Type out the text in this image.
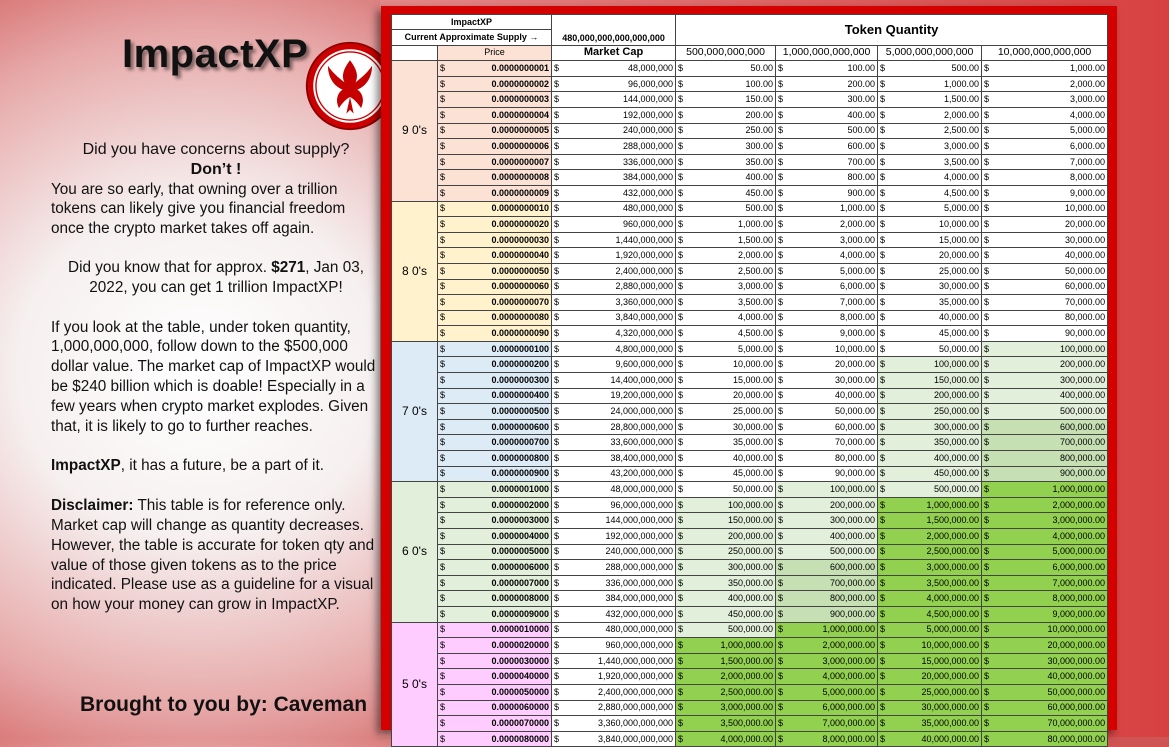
ImpactXP

Did you have concerns about supply?

Don’t !

You are so early, that owning over a trillion tokens can likely give you financial freedom once the crypto market takes off again.

Did you know that for approx. $271, Jan 03, 2022, you can get 1 trillion ImpactXP!

If you look at the table, under token quantity, 1,000,000,000, follow down to the $500,000 dollar value. The market cap of ImpactXP would be $240 billion which is doable! Especially in a few years when crypto market explodes. Given that, it is likely to go to further reaches.

ImpactXP, it has a future, be a part of it.

Disclaimer: This table is for reference only. Market cap will change as quantity decreases. However, the table is accurate for token qty and value of those given tokens as to the price indicated. Please use as a guideline for a visual on how your money can grow in ImpactXP.

Brought to you by: Caveman
ImpactXP			480,000,000,000,000,000		Token Quantity							
Current Approximate Supply →												
	Price		Market Cap		500,000,000,000		1,000,000,000,000		5,000,000,000,000		10,000,000,000,000	
9 0's	$	0.0000000001	$	48,000,000	$	50.00	$	100.00	$	500.00	$	1,000.00
	$	0.0000000002	$	96,000,000	$	100.00	$	200.00	$	1,000.00	$	2,000.00
	$	0.0000000003	$	144,000,000	$	150.00	$	300.00	$	1,500.00	$	3,000.00
	$	0.0000000004	$	192,000,000	$	200.00	$	400.00	$	2,000.00	$	4,000.00
	$	0.0000000005	$	240,000,000	$	250.00	$	500.00	$	2,500.00	$	5,000.00
	$	0.0000000006	$	288,000,000	$	300.00	$	600.00	$	3,000.00	$	6,000.00
	$	0.0000000007	$	336,000,000	$	350.00	$	700.00	$	3,500.00	$	7,000.00
	$	0.0000000008	$	384,000,000	$	400.00	$	800.00	$	4,000.00	$	8,000.00
	$	0.0000000009	$	432,000,000	$	450.00	$	900.00	$	4,500.00	$	9,000.00
8 0's	$	0.0000000010	$	480,000,000	$	500.00	$	1,000.00	$	5,000.00	$	10,000.00
	$	0.0000000020	$	960,000,000	$	1,000.00	$	2,000.00	$	10,000.00	$	20,000.00
	$	0.0000000030	$	1,440,000,000	$	1,500.00	$	3,000.00	$	15,000.00	$	30,000.00
	$	0.0000000040	$	1,920,000,000	$	2,000.00	$	4,000.00	$	20,000.00	$	40,000.00
	$	0.0000000050	$	2,400,000,000	$	2,500.00	$	5,000.00	$	25,000.00	$	50,000.00
	$	0.0000000060	$	2,880,000,000	$	3,000.00	$	6,000.00	$	30,000.00	$	60,000.00
	$	0.0000000070	$	3,360,000,000	$	3,500.00	$	7,000.00	$	35,000.00	$	70,000.00
	$	0.0000000080	$	3,840,000,000	$	4,000.00	$	8,000.00	$	40,000.00	$	80,000.00
	$	0.0000000090	$	4,320,000,000	$	4,500.00	$	9,000.00	$	45,000.00	$	90,000.00
7 0's	$	0.0000000100	$	4,800,000,000	$	5,000.00	$	10,000.00	$	50,000.00	$	100,000.00
	$	0.0000000200	$	9,600,000,000	$	10,000.00	$	20,000.00	$	100,000.00	$	200,000.00
	$	0.0000000300	$	14,400,000,000	$	15,000.00	$	30,000.00	$	150,000.00	$	300,000.00
	$	0.0000000400	$	19,200,000,000	$	20,000.00	$	40,000.00	$	200,000.00	$	400,000.00
	$	0.0000000500	$	24,000,000,000	$	25,000.00	$	50,000.00	$	250,000.00	$	500,000.00
	$	0.0000000600	$	28,800,000,000	$	30,000.00	$	60,000.00	$	300,000.00	$	600,000.00
	$	0.0000000700	$	33,600,000,000	$	35,000.00	$	70,000.00	$	350,000.00	$	700,000.00
	$	0.0000000800	$	38,400,000,000	$	40,000.00	$	80,000.00	$	400,000.00	$	800,000.00
	$	0.0000000900	$	43,200,000,000	$	45,000.00	$	90,000.00	$	450,000.00	$	900,000.00
6 0's	$	0.0000001000	$	48,000,000,000	$	50,000.00	$	100,000.00	$	500,000.00	$	1,000,000.00
	$	0.0000002000	$	96,000,000,000	$	100,000.00	$	200,000.00	$	1,000,000.00	$	2,000,000.00
	$	0.0000003000	$	144,000,000,000	$	150,000.00	$	300,000.00	$	1,500,000.00	$	3,000,000.00
	$	0.0000004000	$	192,000,000,000	$	200,000.00	$	400,000.00	$	2,000,000.00	$	4,000,000.00
	$	0.0000005000	$	240,000,000,000	$	250,000.00	$	500,000.00	$	2,500,000.00	$	5,000,000.00
	$	0.0000006000	$	288,000,000,000	$	300,000.00	$	600,000.00	$	3,000,000.00	$	6,000,000.00
	$	0.0000007000	$	336,000,000,000	$	350,000.00	$	700,000.00	$	3,500,000.00	$	7,000,000.00
	$	0.0000008000	$	384,000,000,000	$	400,000.00	$	800,000.00	$	4,000,000.00	$	8,000,000.00
	$	0.0000009000	$	432,000,000,000	$	450,000.00	$	900,000.00	$	4,500,000.00	$	9,000,000.00
5 0's	$	0.0000010000	$	480,000,000,000	$	500,000.00	$	1,000,000.00	$	5,000,000.00	$	10,000,000.00
	$	0.0000020000	$	960,000,000,000	$	1,000,000.00	$	2,000,000.00	$	10,000,000.00	$	20,000,000.00
	$	0.0000030000	$	1,440,000,000,000	$	1,500,000.00	$	3,000,000.00	$	15,000,000.00	$	30,000,000.00
	$	0.0000040000	$	1,920,000,000,000	$	2,000,000.00	$	4,000,000.00	$	20,000,000.00	$	40,000,000.00
	$	0.0000050000	$	2,400,000,000,000	$	2,500,000.00	$	5,000,000.00	$	25,000,000.00	$	50,000,000.00
	$	0.0000060000	$	2,880,000,000,000	$	3,000,000.00	$	6,000,000.00	$	30,000,000.00	$	60,000,000.00
	$	0.0000070000	$	3,360,000,000,000	$	3,500,000.00	$	7,000,000.00	$	35,000,000.00	$	70,000,000.00
	$	0.0000080000	$	3,840,000,000,000	$	4,000,000.00	$	8,000,000.00	$	40,000,000.00	$	80,000,000.00
